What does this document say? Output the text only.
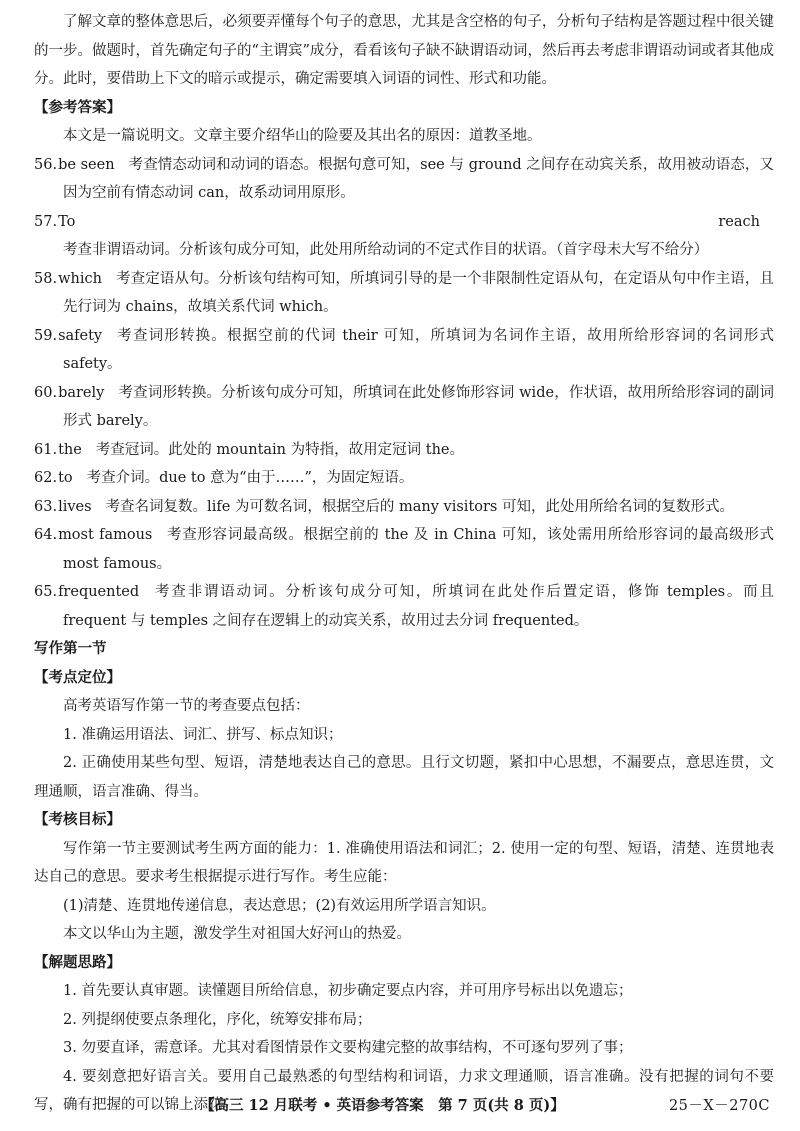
了解文章的整体意思后，必须要弄懂每个句子的意思，尤其是含空格的句子，分析句子结构是答题过程中很关键的一步。做题时，首先确定句子的“主谓宾”成分，看看该句子缺不缺谓语动词，然后再去考虑非谓语动词或者其他成分。此时，要借助上下文的暗示或提示，确定需要填入词语的词性、形式和功能。

【参考答案】

本文是一篇说明文。文章主要介绍华山的险要及其出名的原因：道教圣地。

56.be seen 考查情态动词和动词的语态。根据句意可知，see 与 ground 之间存在动宾关系，故用被动语态，又因为空前有情态动词 can，故系动词用原形。

57.To reach考查非谓语动词。分析该句成分可知，此处用所给动词的不定式作目的状语。（首字母未大写不给分）

58.which 考查定语从句。分析该句结构可知，所填词引导的是一个非限制性定语从句，在定语从句中作主语，且先行词为 chains，故填关系代词 which。

59.safety 考查词形转换。根据空前的代词 their 可知，所填词为名词作主语，故用所给形容词的名词形式 safety。

60.barely 考查词形转换。分析该句成分可知，所填词在此处修饰形容词 wide，作状语，故用所给形容词的副词形式 barely。

61.the 考查冠词。此处的 mountain 为特指，故用定冠词 the。

62.to 考查介词。due to 意为“由于……”，为固定短语。

63.lives 考查名词复数。life 为可数名词，根据空后的 many visitors 可知，此处用所给名词的复数形式。

64.most famous 考查形容词最高级。根据空前的 the 及 in China 可知，该处需用所给形容词的最高级形式 most famous。

65.frequented 考查非谓语动词。分析该句成分可知，所填词在此处作后置定语，修饰 temples。而且 frequent 与 temples 之间存在逻辑上的动宾关系，故用过去分词 frequented。

写作第一节

【考点定位】

高考英语写作第一节的考查要点包括：

1. 准确运用语法、词汇、拼写、标点知识；

2. 正确使用某些句型、短语，清楚地表达自己的意思。且行文切题，紧扣中心思想，不漏要点，意思连贯，文理通顺，语言准确、得当。

【考核目标】

写作第一节主要测试考生两方面的能力：1. 准确使用语法和词汇；2. 使用一定的句型、短语，清楚、连贯地表达自己的意思。要求考生根据提示进行写作。考生应能：

(1)清楚、连贯地传递信息，表达意思；(2)有效运用所学语言知识。

本文以华山为主题，激发学生对祖国大好河山的热爱。

【解题思路】

1. 首先要认真审题。读懂题目所给信息，初步确定要点内容，并可用序号标出以免遗忘；

2. 列提纲使要点条理化，序化，统筹安排布局；

3. 勿要直译，需意译。尤其对看图情景作文要构建完整的故事结构，不可逐句罗列了事；

4. 要刻意把好语言关。要用自己最熟悉的句型结构和词语，力求文理通顺，语言准确。没有把握的词句不要写，确有把握的可以锦上添花。

【高三 12 月联考 • 英语参考答案　第 7 页(共 8 页)】	25－X－270C
